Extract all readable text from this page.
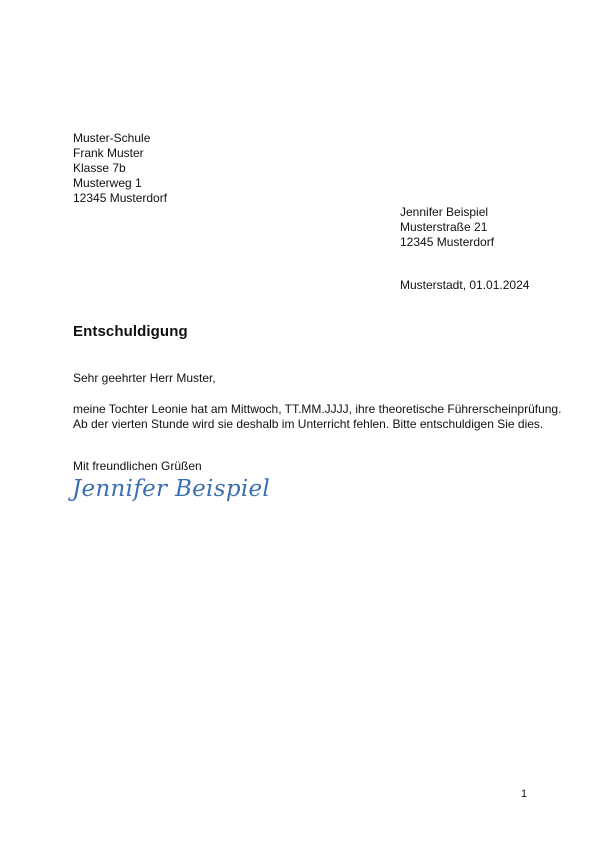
Muster-Schule
Frank Muster
Klasse 7b
Musterweg 1
12345 Musterdorf
Jennifer Beispiel
Musterstraße 21
12345 Musterdorf
Musterstadt, 01.01.2024
Entschuldigung
Sehr geehrter Herr Muster,
meine Tochter Leonie hat am Mittwoch, TT.MM.JJJJ, ihre theoretische Führerscheinprüfung.
Ab der vierten Stunde wird sie deshalb im Unterricht fehlen. Bitte entschuldigen Sie dies.
Mit freundlichen Grüßen
Jennifer Beispiel
1
